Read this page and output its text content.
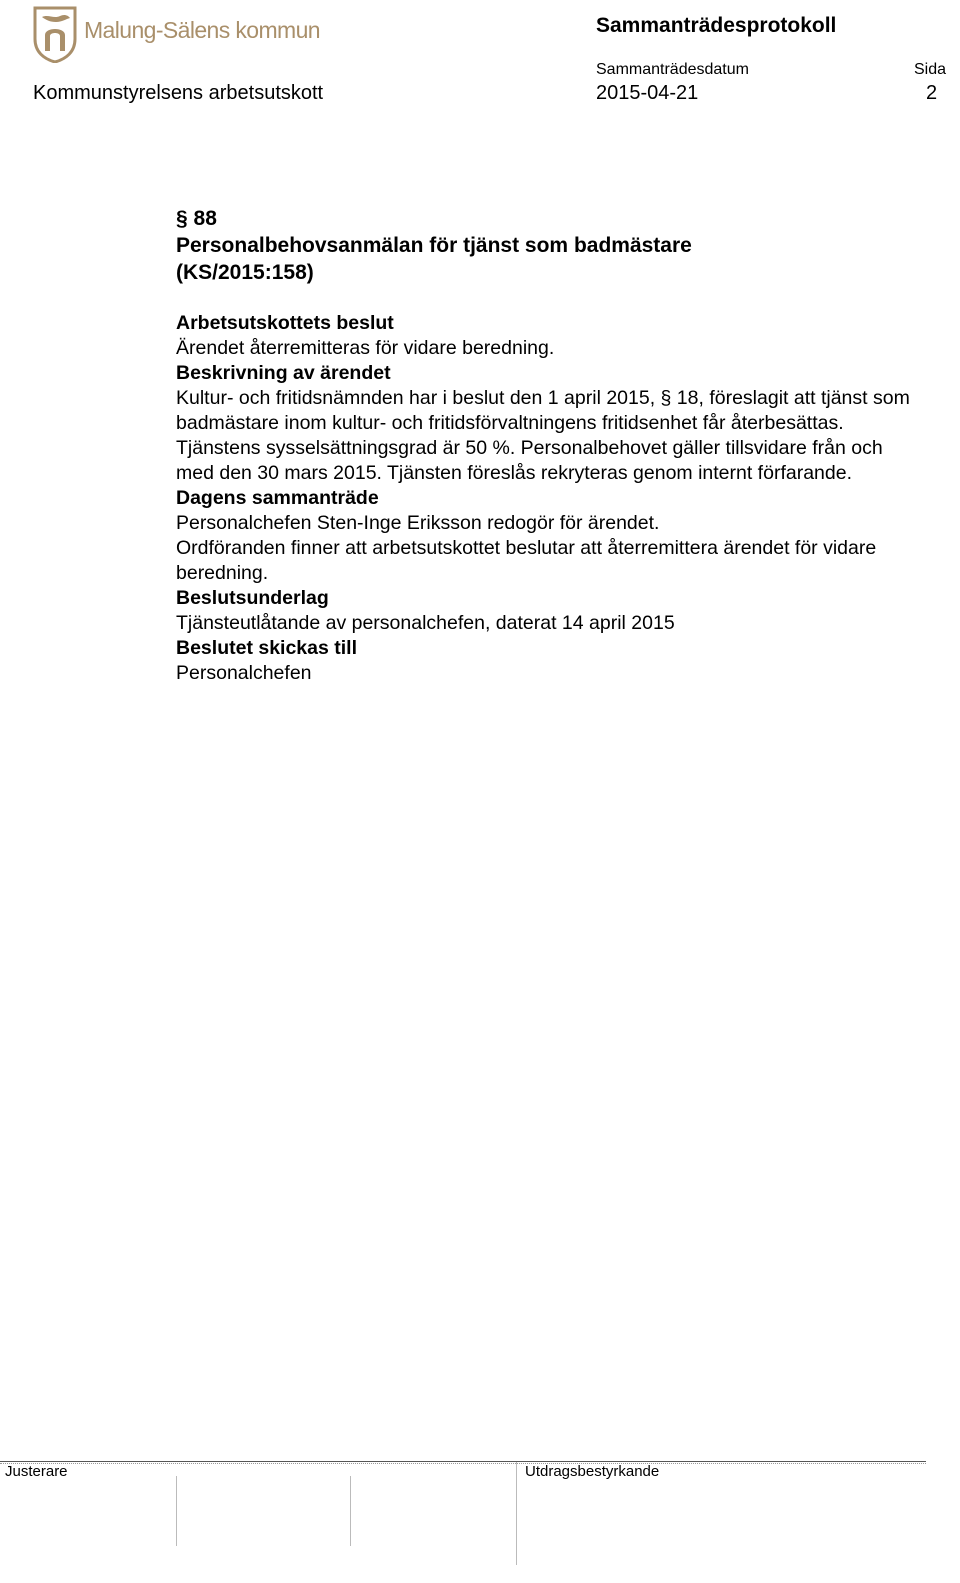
Malung-Sälens kommun	Sammanträdesprotokoll
Sammanträdesdatum	Sida
Kommunstyrelsens arbetsutskott	2015-04-21	2

§ 88

Personalbehovsanmälan för tjänst som badmästare

(KS/2015:158)

Arbetsutskottets beslut

Ärendet återremitteras för vidare beredning.

Beskrivning av ärendet

Kultur- och fritidsnämnden har i beslut den 1 april 2015, § 18, föreslagit att tjänst som badmästare inom kultur- och fritidsförvaltningens fritidsenhet får återbesättas.

Tjänstens sysselsättningsgrad är 50 %. Personalbehovet gäller tillsvidare från och med den 30 mars 2015. Tjänsten föreslås rekryteras genom internt förfarande.

Dagens sammanträde

Personalchefen Sten-Inge Eriksson redogör för ärendet.

Ordföranden finner att arbetsutskottet beslutar att återremittera ärendet för vidare beredning.

Beslutsunderlag

Tjänsteutlåtande av personalchefen, daterat 14 april 2015

Beslutet skickas till

Personalchefen

Justerare	Utdragsbestyrkande
